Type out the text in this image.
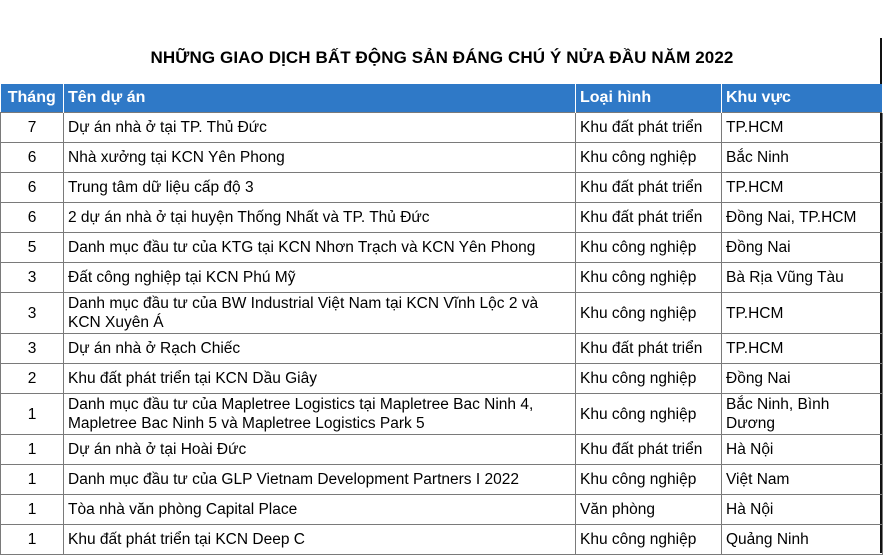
NHỮNG GIAO DỊCH BẤT ĐỘNG SẢN ĐÁNG CHÚ Ý NỬA ĐẦU NĂM 2022
Tháng	Tên dự án	Loại hình	Khu vực
7	Dự án nhà ở tại TP. Thủ Đức	Khu đất phát triển	TP.HCM
6	Nhà xưởng tại KCN Yên Phong	Khu công nghiệp	Bắc Ninh
6	Trung tâm dữ liệu cấp độ 3	Khu đất phát triển	TP.HCM
6	2 dự án nhà ở tại huyện Thống Nhất và TP. Thủ Đức	Khu đất phát triển	Đồng Nai, TP.HCM
5	Danh mục đầu tư của KTG tại KCN Nhơn Trạch và KCN Yên Phong	Khu công nghiệp	Đồng Nai
3	Đất công nghiệp tại KCN Phú Mỹ	Khu công nghiệp	Bà Rịa Vũng Tàu
3	Danh mục đầu tư của BW Industrial Việt Nam tại KCN Vĩnh Lộc 2 và KCN Xuyên Á	Khu công nghiệp	TP.HCM
3	Dự án nhà ở Rạch Chiếc	Khu đất phát triển	TP.HCM
2	Khu đất phát triển tại KCN Dầu Giây	Khu công nghiệp	Đồng Nai
1	Danh mục đầu tư của Mapletree Logistics tại Mapletree Bac Ninh 4, Mapletree Bac Ninh 5 và Mapletree Logistics Park 5	Khu công nghiệp	Bắc Ninh, Bình Dương
1	Dự án nhà ở tại Hoài Đức	Khu đất phát triển	Hà Nội
1	Danh mục đầu tư của GLP Vietnam Development Partners I 2022	Khu công nghiệp	Việt Nam
1	Tòa nhà văn phòng Capital Place	Văn phòng	Hà Nội
1	Khu đất phát triển tại KCN Deep C	Khu công nghiệp	Quảng Ninh
